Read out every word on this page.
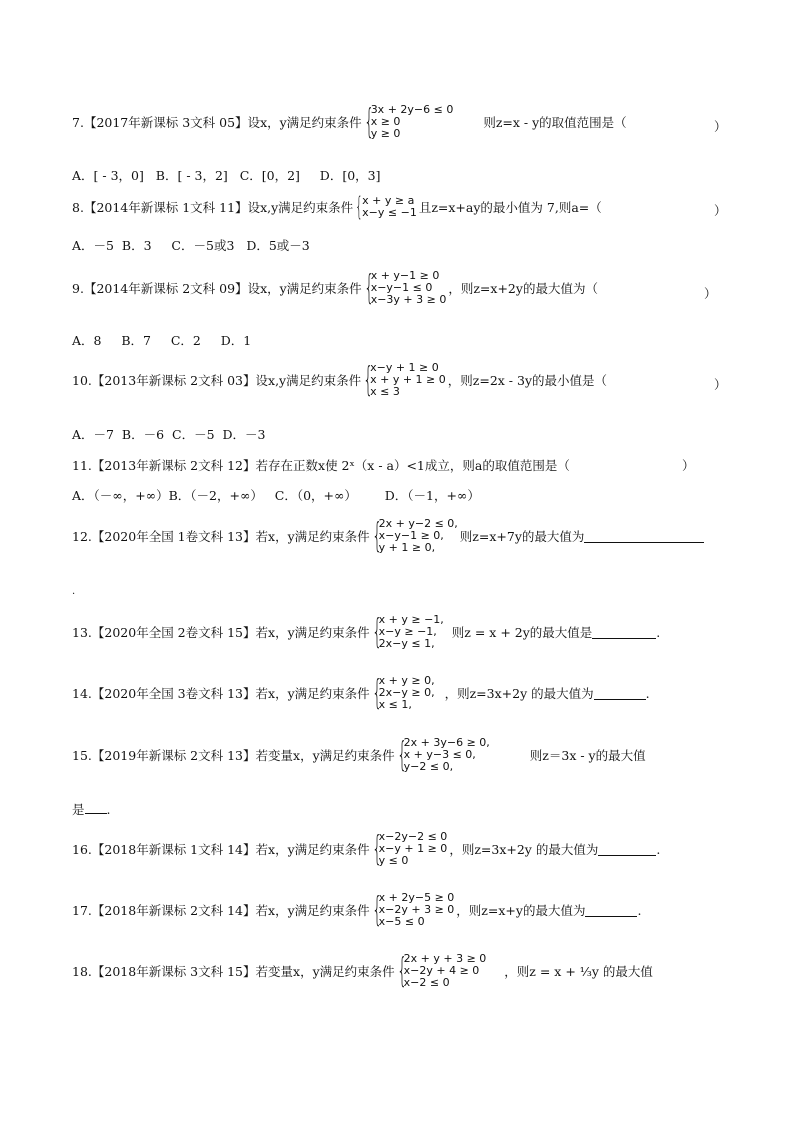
7 . 【2017年新课标 3文科 05】 设x，y满足约束条件 {
3x + 2y−6 ≤ 0
x ≥ 0
y ≥ 0
则z=x - y的取值范围是（	）
A．[ - 3，0]   B．[ - 3，2]   C．[0，2]     D．[0，3]
8 . 【2014年新课标 1文科 11】 设x,y满足约束条件 { x + y ≥ a
x−y ≤ −1 且z=x+ay的最小值为 7,则a=（	）
A．－5  B．3     C．－5或3   D．5或－3
9 . 【2014年新课标 2文科 09】 设x，y满足约束条件 {
x + y−1 ≥ 0
x−y−1 ≤ 0
x−3y + 3 ≥ 0
，则z=x+2y的最大值为（	）
A．8     B．7     C．2     D．1
10 . 【2013年新课标 2文科 03】 设x,y满足约束条件 {
x−y + 1 ≥ 0
x + y + 1 ≥ 0
x ≤ 3
，则z=2x - 3y的最小值是（	）
A．－7  B．－6  C．－5  D．－3
11.【2013年新课标 2文科 12】若存在正数x使 2ˣ（x - a）<1成立，则a的取值范围是（	）
A．（－∞，+∞）B．（－2，+∞）   C．（0，+∞）       D．（－1，+∞）
12 . 【2020年全国 1卷文科 13】 若x，y满足约束条件 {
2x + y−2 ≤ 0,
x−y−1 ≥ 0,
y + 1 ≥ 0,
则z=x+7y的最大值为
.
13 . 【2020年全国 2卷文科 15】 若x，y满足约束条件 {
x + y ≥ −1,
x−y ≥ −1,
2x−y ≤ 1,
则z = x + 2y的最大值是	.
14 . 【2020年全国 3卷文科 13】 若x，y满足约束条件 {
x + y ≥ 0,
2x−y ≥ 0,
x ≤ 1,
，则z=3x+2y 的最大值为	.
15 . 【2019年新课标 2文科 13】 若变量x，y满足约束条件 {
2x + 3y−6 ≥ 0,
x + y−3 ≤ 0,
y−2 ≤ 0,
则z＝3x - y的最大值
是 .
16 . 【2018年新课标 1文科 14】 若x，y满足约束条件 {
x−2y−2 ≤ 0
x−y + 1 ≥ 0
y ≤ 0
，则z=3x+2y 的最大值为	.
17 . 【2018年新课标 2文科 14】 若x，y满足约束条件 {
x + 2y−5 ≥ 0
x−2y + 3 ≥ 0
x−5 ≤ 0
，则z=x+y的最大值为	.
18 . 【2018年新课标 3文科 15】 若变量x，y满足约束条件 {
2x + y + 3 ≥ 0
x−2y + 4 ≥ 0
x−2 ≤ 0
，则z = x + ⅓y 的最大值
